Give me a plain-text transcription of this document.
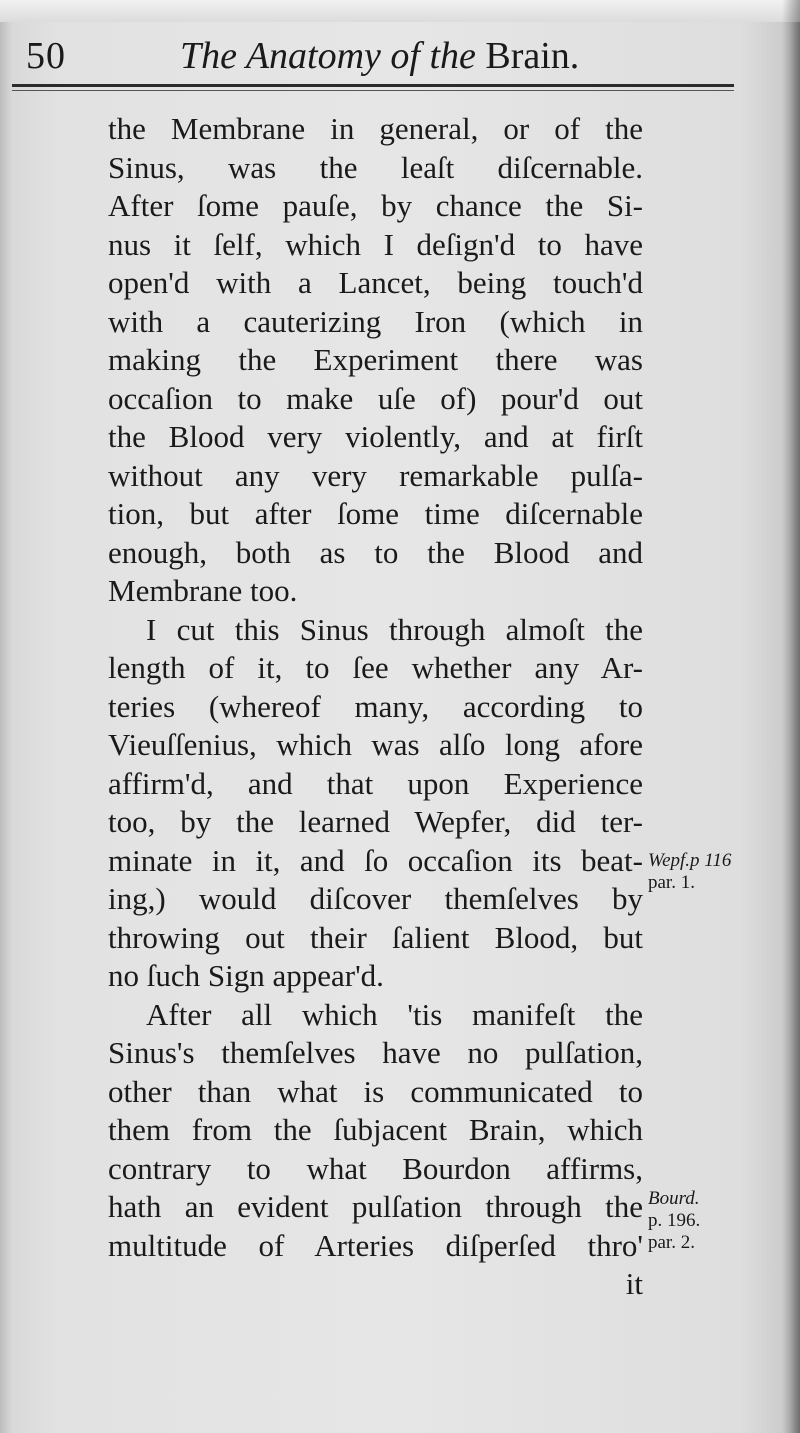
50	The Anatomy of the Brain.
the Membrane in general, or of the
Sinus, was the leaſt diſcernable.
After ſome pauſe, by chance the Si-
nus it ſelf, which I deſign'd to have
open'd with a Lancet, being touch'd
with a cauterizing Iron (which in
making the Experiment there was
occaſion to make uſe of) pour'd out
the Blood very violently, and at firſt
without any very remarkable pulſa-
tion, but after ſome time diſcernable
enough, both as to the Blood and
Membrane too.
I cut this Sinus through almoſt the
length of it, to ſee whether any Ar-
teries (whereof many, according to
Vieuſſenius, which was alſo long afore
affirm'd, and that upon Experience
too, by the learned Wepfer, did ter-
minate in it, and ſo occaſion its beat-
ing,) would diſcover themſelves by
throwing out their ſalient Blood, but
no ſuch Sign appear'd.
After all which 'tis manifeſt the
Sinus's themſelves have no pulſation,
other than what is communicated to
them from the ſubjacent Brain, which
contrary to what Bourdon affirms,
hath an evident pulſation through the
multitude of Arteries diſperſed thro'
it
Wepf.p 116
par. 1.
Bourd.
p. 196.
par. 2.
